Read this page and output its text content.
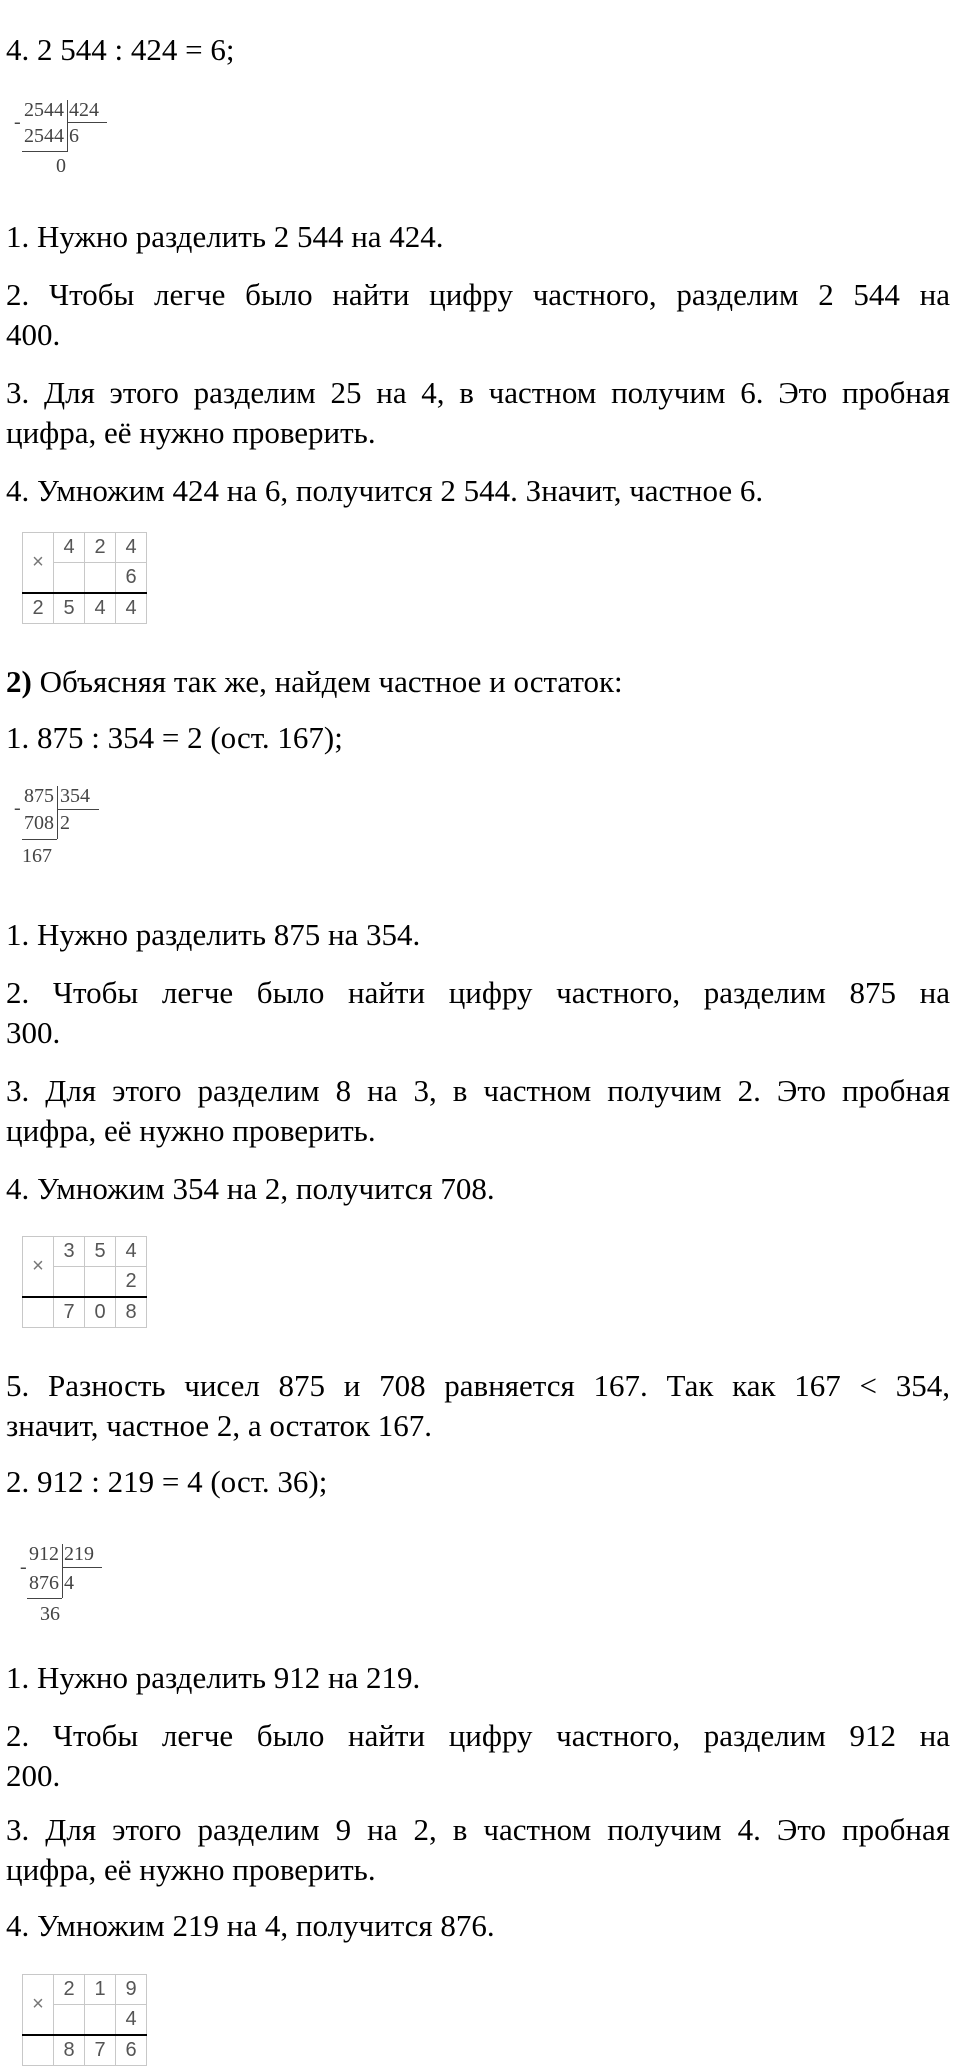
4. 2 544 : 424 = 6;
2544 424
-
2544 6
0
1. Нужно разделить 2 544 на 424.
2. Чтобы легче было найти цифру частного, разделим 2 544 на
400.
3. Для этого разделим 25 на 4, в частном получим 6. Это пробная
цифра, её нужно проверить.
4. Умножим 424 на 6, получится 2 544. Значит, частное 6.
×	4	2	4
			6
2	5	4	4
2) Объясняя так же, найдем частное и остаток:
1. 875 : 354 = 2 (ост. 167);
875 354
-
708 2
167
1. Нужно разделить 875 на 354.
2. Чтобы легче было найти цифру частного, разделим 875 на
300.
3. Для этого разделим 8 на 3, в частном получим 2. Это пробная
цифра, её нужно проверить.
4. Умножим 354 на 2, получится 708.
×	3	5	4
			2
	7	0	8
5. Разность чисел 875 и 708 равняется 167. Так как 167 < 354,
значит, частное 2, а остаток 167.
2. 912 : 219 = 4 (ост. 36);
912 219
-
876 4
36
1. Нужно разделить 912 на 219.
2. Чтобы легче было найти цифру частного, разделим 912 на
200.
3. Для этого разделим 9 на 2, в частном получим 4. Это пробная
цифра, её нужно проверить.
4. Умножим 219 на 4, получится 876.
×	2	1	9
			4
	8	7	6
